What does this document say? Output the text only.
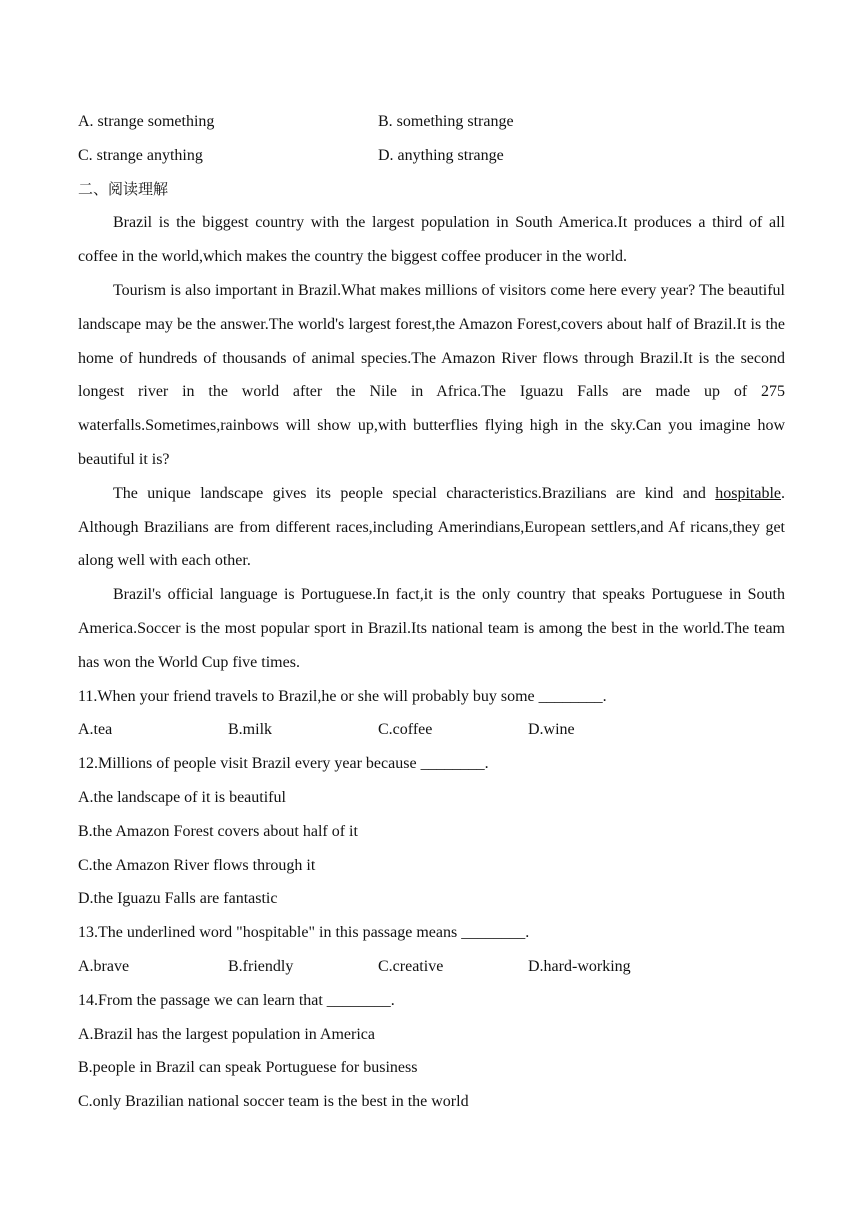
A. strange something	B. something strange
C. strange anything	D. anything strange
二、阅读理解

Brazil is the biggest country with the largest population in South America.It produces a third of all coffee in the world,which makes the country the biggest coffee producer in the world.

Tourism is also important in Brazil.What makes millions of visitors come here every year? The beautiful landscape may be the answer.The world's largest forest,the Amazon Forest,covers about half of Brazil.It is the home of hundreds of thousands of animal species.The Amazon River flows through Brazil.It is the second longest river in the world after the Nile in Africa.The Iguazu Falls are made up of 275 waterfalls.Sometimes,rainbows will show up,with butterflies flying high in the sky.Can you imagine how beautiful it is?

The unique landscape gives its people special characteristics.Brazilians are kind and hospitable. Although Brazilians are from different races,including Amerindians,European settlers,and Af ricans,they get along well with each other.

Brazil's official language is Portuguese.In fact,it is the only country that speaks Portuguese in South America.Soccer is the most popular sport in Brazil.Its national team is among the best in the world.The team has won the World Cup five times.

11.When your friend travels to Brazil,he or she will probably buy some ________.
A.tea	B.milk	C.coffee	D.wine
12.Millions of people visit Brazil every year because ________.
A.the landscape of it is beautiful
B.the Amazon Forest covers about half of it
C.the Amazon River flows through it
D.the Iguazu Falls are fantastic
13.The underlined word "hospitable" in this passage means ________.
A.brave	B.friendly	C.creative	D.hard-working
14.From the passage we can learn that ________.
A.Brazil has the largest population in America
B.people in Brazil can speak Portuguese for business
C.only Brazilian national soccer team is the best in the world
